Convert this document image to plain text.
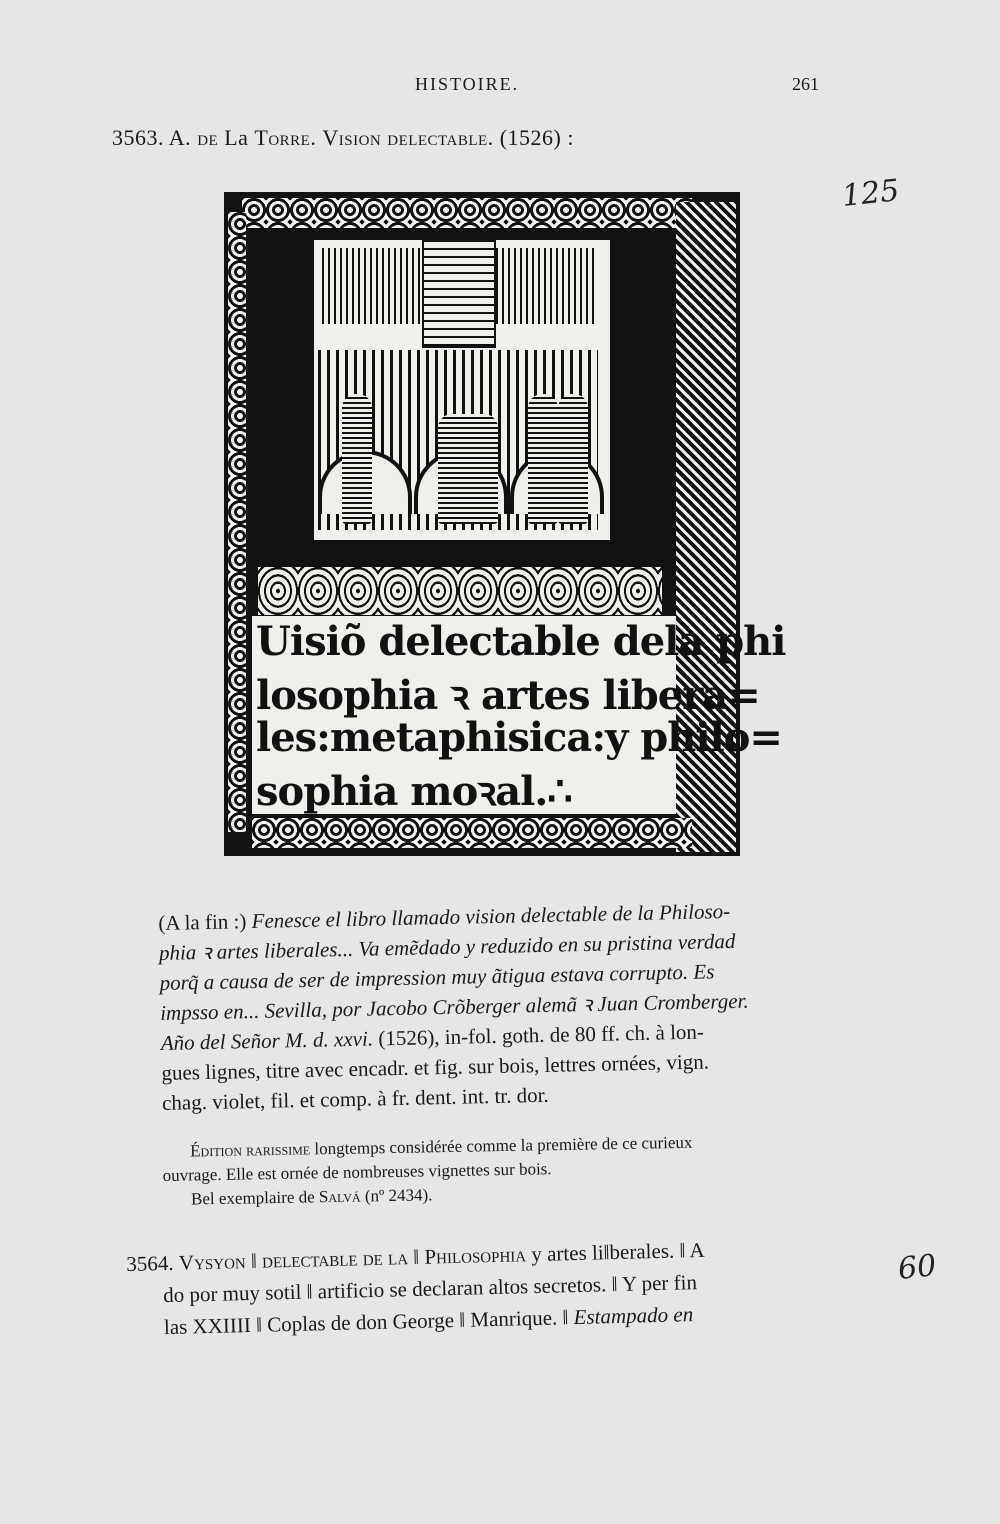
HISTOIRE.	261
3563. A. de La Torre. Vision delectable. (1526) :
125
Uisiõ delectable dela phi
losophia ꝛ artes libera=
les:metaphisica:y philo=
sophia moꝛal.∴
(A la fin :) Fenesce el libro llamado vision delectable de la Philoso-
phia ꝛ artes liberales... Va emẽdado y reduzido en su pristina verdad
porq̃ a causa de ser de impression muy ãtigua estava corrupto. Es
impsso en... Sevilla, por Jacobo Crõberger alemã ꝛ Juan Cromberger.
Año del Señor M. d. xxvi. (1526), in-fol. goth. de 80 ff. ch. à lon-
gues lignes, titre avec encadr. et fig. sur bois, lettres ornées, vign.
chag. violet, fil. et comp. à fr. dent. int. tr. dor.
Édition rarissime longtemps considérée comme la première de ce curieux
ouvrage. Elle est ornée de nombreuses vignettes sur bois.
Bel exemplaire de Salvá (nº 2434).
60
3564. Vysyon ‖ delectable de la ‖ Philosophia y artes li‖berales. ‖ A
do por muy sotil ‖ artificio se declaran altos secretos. ‖ Y per fin
las XXIIII ‖ Coplas de don George ‖ Manrique. ‖ Estampado en
